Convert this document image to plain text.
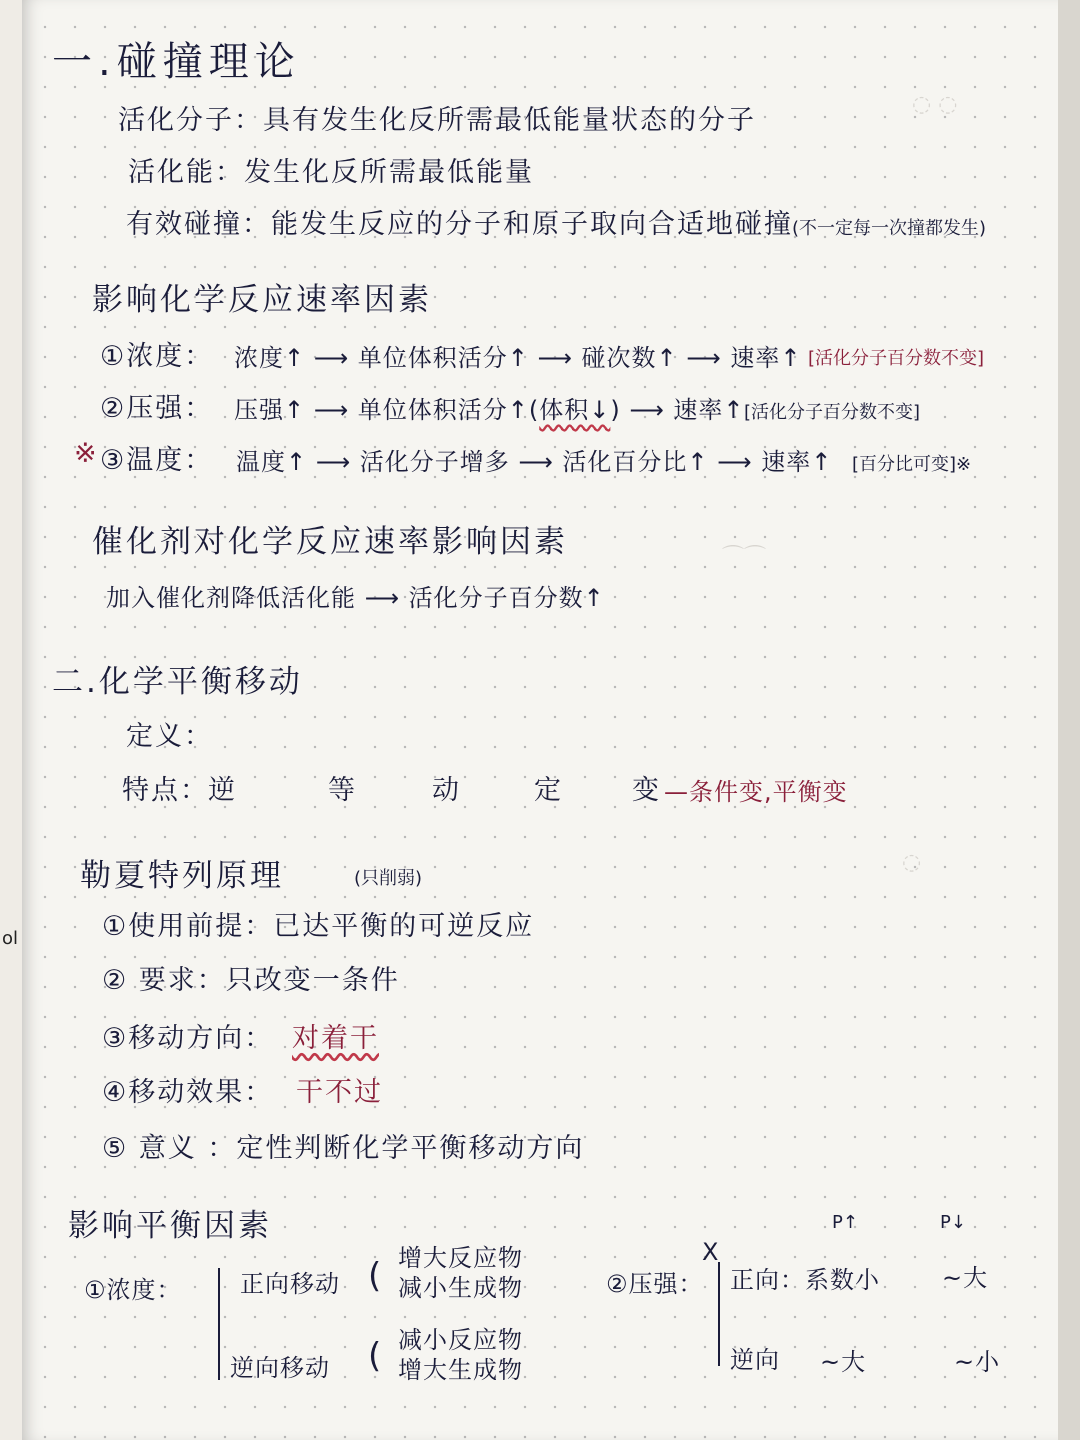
ol
◌ ◌
⌒⌒
◌
一.碰撞理论
活化分子：具有发生化反所需最低能量状态的分子
活化能：发生化反所需最低能量
有效碰撞：能发生反应的分子和原子取向合适地碰撞 (不一定每一次撞都发生)
影响化学反应速率因素
①浓度： 浓度↑ ⟶ 单位体积活分↑ ⟶ 碰次数↑ ⟶ 速率↑ [活化分子百分数不变]
②压强： 压强↑ ⟶ 单位体积活分↑(体积↓) ⟶ 速率↑ [活化分子百分数不变]
※ ③温度： 温度↑ ⟶ 活化分子增多 ⟶ 活化百分比↑ ⟶ 速率↑ [百分比可变]※
催化剂对化学反应速率影响因素
加入催化剂降低活化能 ⟶ 活化分子百分数↑
二.化学平衡移动
定义：
特点： 逆	等	动	定	变 —条件变,平衡变
勒夏特列原理	(只削弱)
①使用前提：已达平衡的可逆反应
② 要求：只改变一条件
③移动方向： 对着干
④移动效果： 干不过
⑤ 意义 ：定性判断化学平衡移动方向
影响平衡因素
①浓度： 正向移动 ( 增大反应物
减小生成物
逆向移动 ( 减小反应物
增大生成物
P↑	P↓
②压强：
X
正向：系数小	~大
逆向 ~大	~小
